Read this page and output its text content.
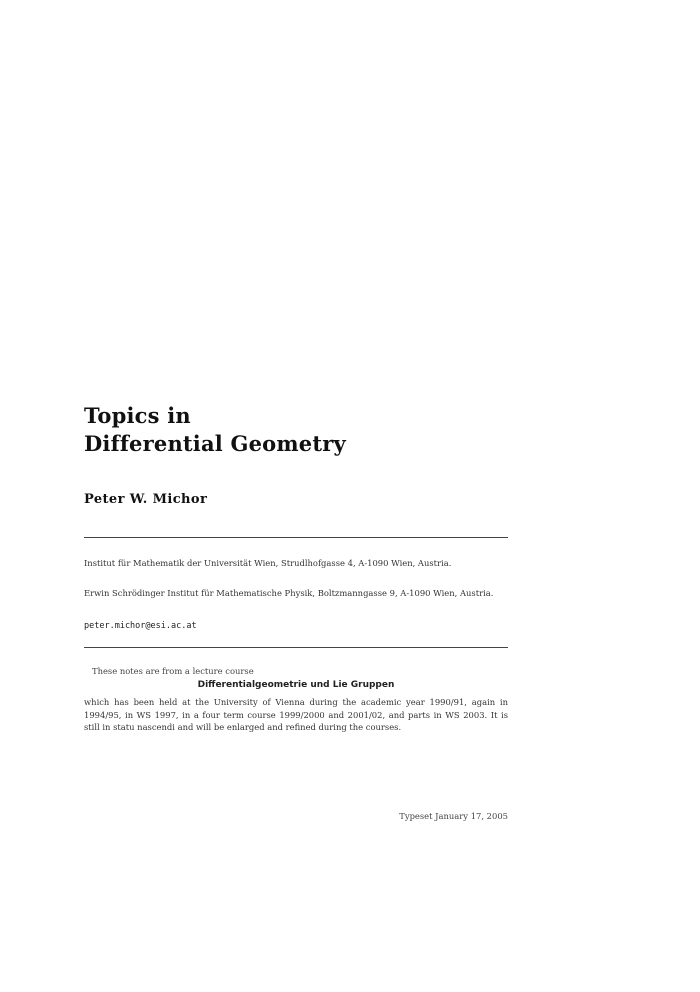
Topics in
Differential Geometry
Peter W. Michor
Institut für Mathematik der Universität Wien, Strudlhofgasse 4, A-1090 Wien, Austria.
Erwin Schrödinger Institut für Mathematische Physik, Boltzmanngasse 9, A-1090 Wien, Austria.
peter.michor@esi.ac.at
These notes are from a lecture course
Differentialgeometrie und Lie Gruppen
which has been held at the University of Vienna during the academic year 1990/91, again in 1994/95, in WS 1997, in a four term course 1999/2000 and 2001/02, and parts in WS 2003. It is still in statu nascendi and will be enlarged and refined during the courses.
Typeset January 17, 2005
